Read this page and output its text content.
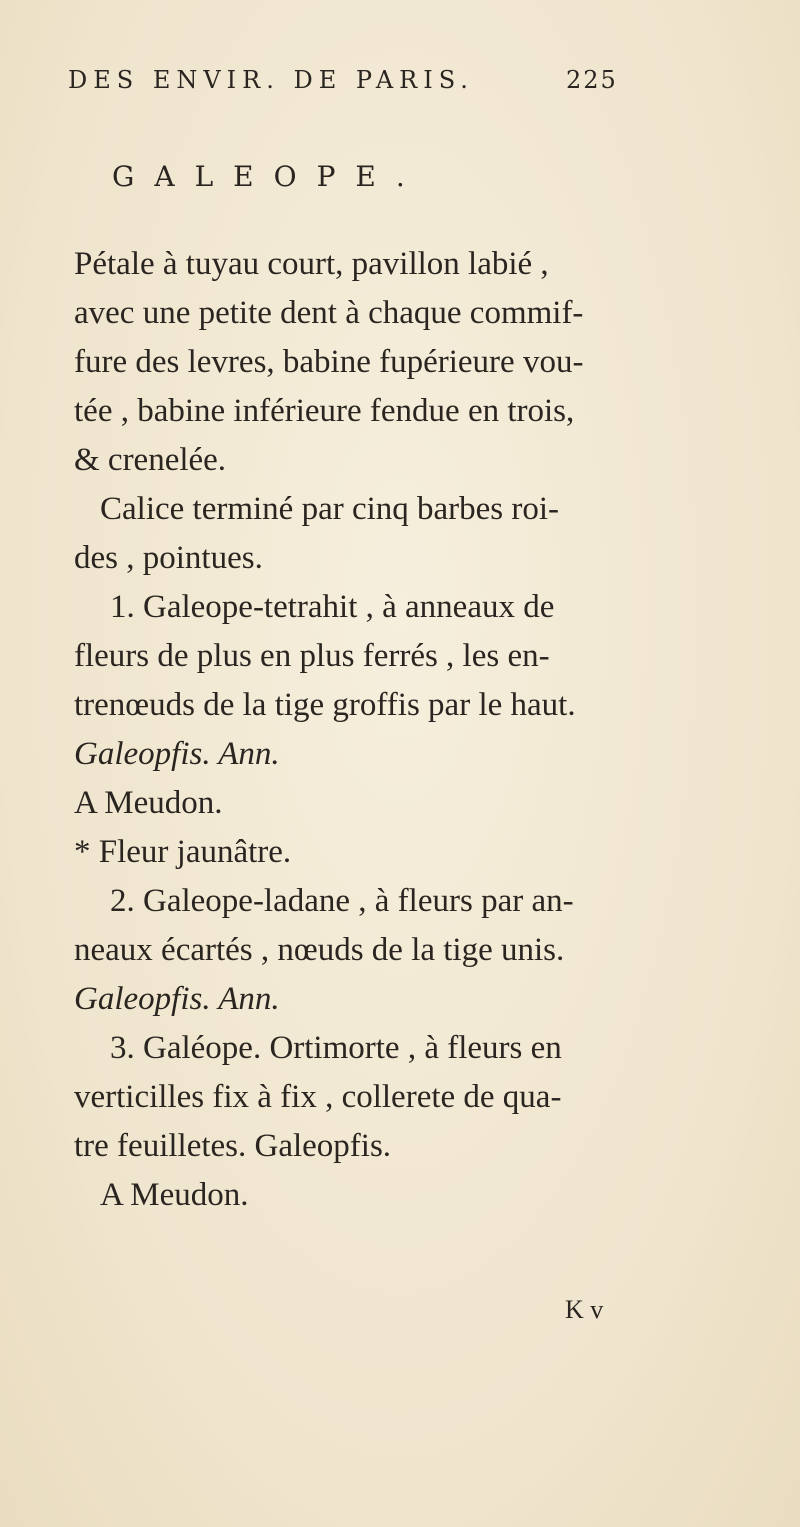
DES ENVIR. DE PARIS.	225
GALEOPE.
Pétale à tuyau court, pavillon labié ,
avec une petite dent à chaque commif-
fure des levres, babine fupérieure vou-
tée , babine inférieure fendue en trois,
& crenelée.
Calice terminé par cinq barbes roi-
des , pointues.
1. Galeope-tetrahit , à anneaux de
fleurs de plus en plus ferrés , les en-
trenœuds de la tige groffis par le haut.
Galeopfis. Ann.
A Meudon.
* Fleur jaunâtre.
2. Galeope-ladane , à fleurs par an-
neaux écartés , nœuds de la tige unis.
Galeopfis. Ann.
3. Galéope. Ortimorte , à fleurs en
verticilles fix à fix , collerete de qua-
tre feuilletes. Galeopfis.
A Meudon.
K v
